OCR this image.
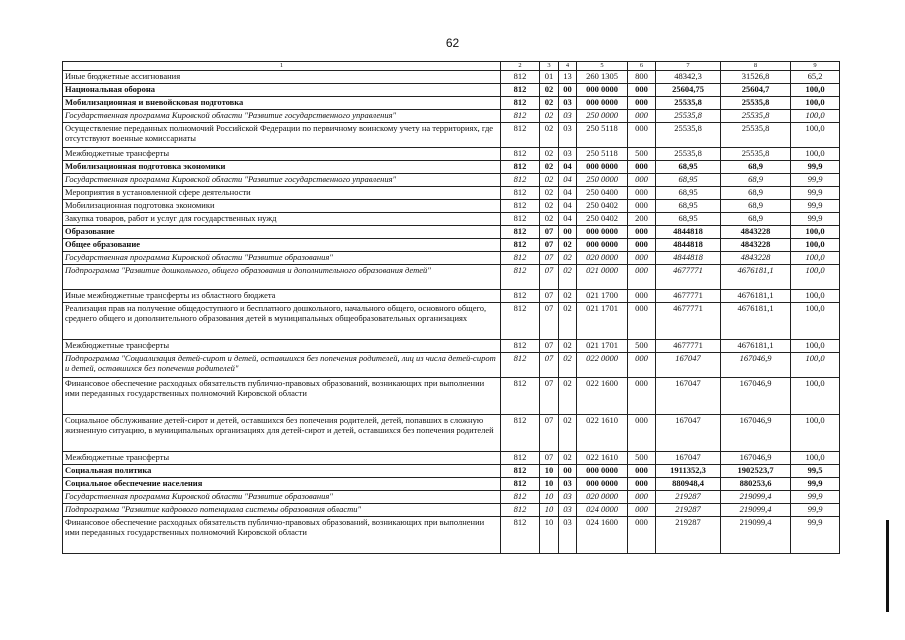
62
1	2	3	4	5	6	7	8	9
Иные бюджетные ассигнования	812	01	13	260 1305	800	48342,3	31526,8	65,2
Национальная оборона	812	02	00	000 0000	000	25604,75	25604,7	100,0
Мобилизационная и вневойсковая подготовка	812	02	03	000 0000	000	25535,8	25535,8	100,0
Государственная программа Кировской области "Развитие государственного управления"	812	02	03	250 0000	000	25535,8	25535,8	100,0
Осуществление переданных полномочий Российской Федерации по первичному воинскому учету на территориях, где отсутствуют военные комиссариаты	812	02	03	250 5118	000	25535,8	25535,8	100,0
Межбюджетные трансферты	812	02	03	250 5118	500	25535,8	25535,8	100,0
Мобилизационная подготовка экономики	812	02	04	000 0000	000	68,95	68,9	99,9
Государственная программа Кировской области "Развитие государственного управления"	812	02	04	250 0000	000	68,95	68,9	99,9
Мероприятия в установленной сфере деятельности	812	02	04	250 0400	000	68,95	68,9	99,9
Мобилизационная подготовка экономики	812	02	04	250 0402	000	68,95	68,9	99,9
Закупка товаров, работ и услуг для государственных нужд	812	02	04	250 0402	200	68,95	68,9	99,9
Образование	812	07	00	000 0000	000	4844818	4843228	100,0
Общее образование	812	07	02	000 0000	000	4844818	4843228	100,0
Государственная программа Кировской области "Развитие образования"	812	07	02	020 0000	000	4844818	4843228	100,0
Подпрограмма "Развитие дошкольного, общего образования и дополнительного образования детей"	812	07	02	021 0000	000	4677771	4676181,1	100,0
Иные межбюджетные трансферты из областного бюджета	812	07	02	021 1700	000	4677771	4676181,1	100,0
Реализация прав на получение общедоступного и бесплатного дошкольного, начального общего, основного общего, среднего общего и дополнительного образования детей в муниципальных общеобразовательных организациях	812	07	02	021 1701	000	4677771	4676181,1	100,0
Межбюджетные трансферты	812	07	02	021 1701	500	4677771	4676181,1	100,0
Подпрограмма "Социализация детей-сирот и детей, оставшихся без попечения родителей, лиц из числа детей-сирот и детей, оставшихся без попечения родителей"	812	07	02	022 0000	000	167047	167046,9	100,0
Финансовое обеспечение расходных обязательств публично-правовых образований, возникающих при выполнении ими переданных государственных полномочий Кировской области	812	07	02	022 1600	000	167047	167046,9	100,0
Социальное обслуживание детей-сирот и детей, оставшихся без попечения родителей, детей, попавших в сложную жизненную ситуацию, в муниципальных организациях для детей-сирот и детей, оставшихся без попечения родителей	812	07	02	022 1610	000	167047	167046,9	100,0
Межбюджетные трансферты	812	07	02	022 1610	500	167047	167046,9	100,0
Социальная политика	812	10	00	000 0000	000	1911352,3	1902523,7	99,5
Социальное обеспечение населения	812	10	03	000 0000	000	880948,4	880253,6	99,9
Государственная программа Кировской области "Развитие образования"	812	10	03	020 0000	000	219287	219099,4	99,9
Подпрограмма "Развитие кадрового потенциала системы образования области"	812	10	03	024 0000	000	219287	219099,4	99,9
Финансовое обеспечение расходных обязательств публично-правовых образований, возникающих при выполнении ими переданных государственных полномочий Кировской области	812	10	03	024 1600	000	219287	219099,4	99,9
